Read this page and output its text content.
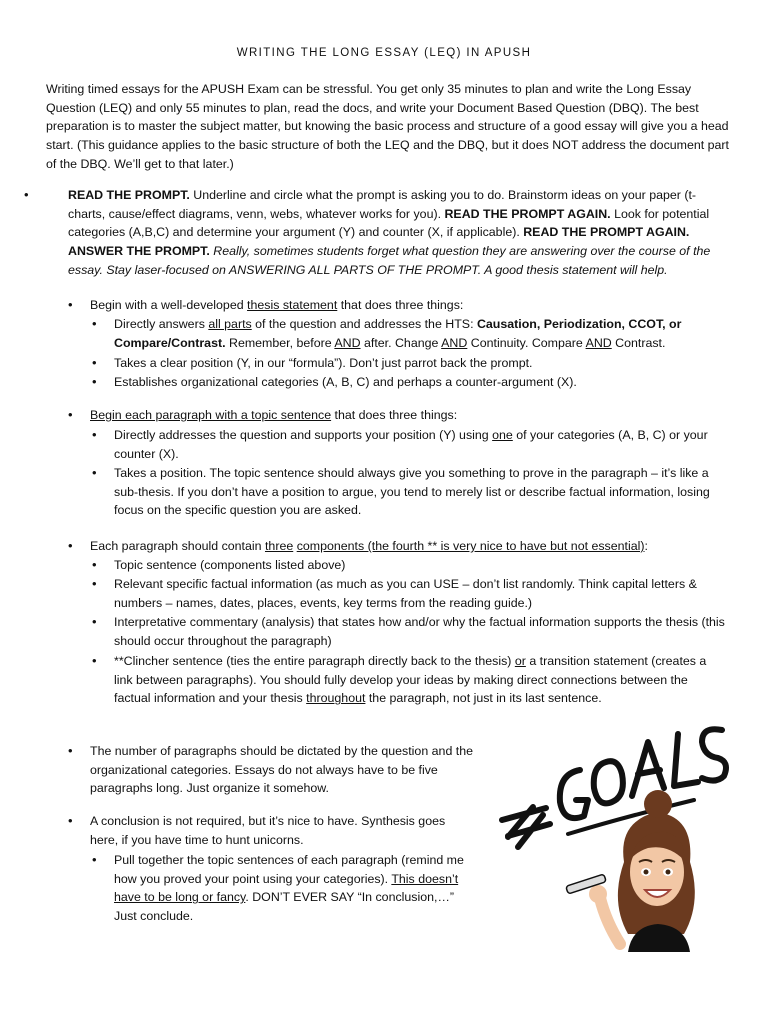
WRITING THE LONG ESSAY (LEQ) IN APUSH

Writing timed essays for the APUSH Exam can be stressful. You get only 35 minutes to plan and write the Long Essay Question (LEQ) and only 55 minutes to plan, read the docs, and write your Document Based Question (DBQ). The best preparation is to master the subject matter, but knowing the basic process and structure of a good essay will give you a head start. (This guidance applies to the basic structure of both the LEQ and the DBQ, but it does NOT address the document part of the DBQ. We’ll get to that later.)

•	READ THE PROMPT. Underline and circle what the prompt is asking you to do. Brainstorm ideas on your paper (t-charts, cause/effect diagrams, venn, webs, whatever works for you). READ THE PROMPT AGAIN. Look for potential categories (A,B,C) and determine your argument (Y) and counter (X, if applicable). READ THE PROMPT AGAIN. ANSWER THE PROMPT. Really, sometimes students forget what question they are answering over the course of the essay. Stay laser-focused on ANSWERING ALL PARTS OF THE PROMPT. A good thesis statement will help.
•	Begin with a well-developed thesis statement that does three things:
•	Directly answers all parts of the question and addresses the HTS: Causation, Periodization, CCOT, or Compare/Contrast. Remember, before AND after. Change AND Continuity. Compare AND Contrast.
• Takes a clear position (Y, in our “formula”). Don’t just parrot back the prompt.
• Establishes organizational categories (A, B, C) and perhaps a counter-argument (X).
•	Begin each paragraph with a topic sentence that does three things:
• Directly addresses the question and supports your position (Y) using one of your categories (A, B, C) or your counter (X).
• Takes a position. The topic sentence should always give you something to prove in the paragraph – it’s like a sub-thesis. If you don’t have a position to argue, you tend to merely list or describe factual information, losing focus on the specific question you are asked.
•	Each paragraph should contain three components (the fourth ** is very nice to have but not essential):
• Topic sentence (components listed above)
• Relevant specific factual information (as much as you can USE – don’t list randomly. Think capital letters & numbers – names, dates, places, events, key terms from the reading guide.)
• Interpretative commentary (analysis) that states how and/or why the factual information supports the thesis (this should occur throughout the paragraph)
• **Clincher sentence (ties the entire paragraph directly back to the thesis) or a transition statement (creates a link between paragraphs). You should fully develop your ideas by making direct connections between the factual information and your thesis throughout the paragraph, not just in its last sentence.
•	The number of paragraphs should be dictated by the question and the organizational categories. Essays do not always have to be five paragraphs long. Just organize it somehow.
•	A conclusion is not required, but it’s nice to have. Synthesis goes here, if you have time to hunt unicorns.
• Pull together the topic sentences of each paragraph (remind me how you proved your point using your categories). This doesn’t have to be long or fancy. DON’T EVER SAY “In conclusion,…” Just conclude.
